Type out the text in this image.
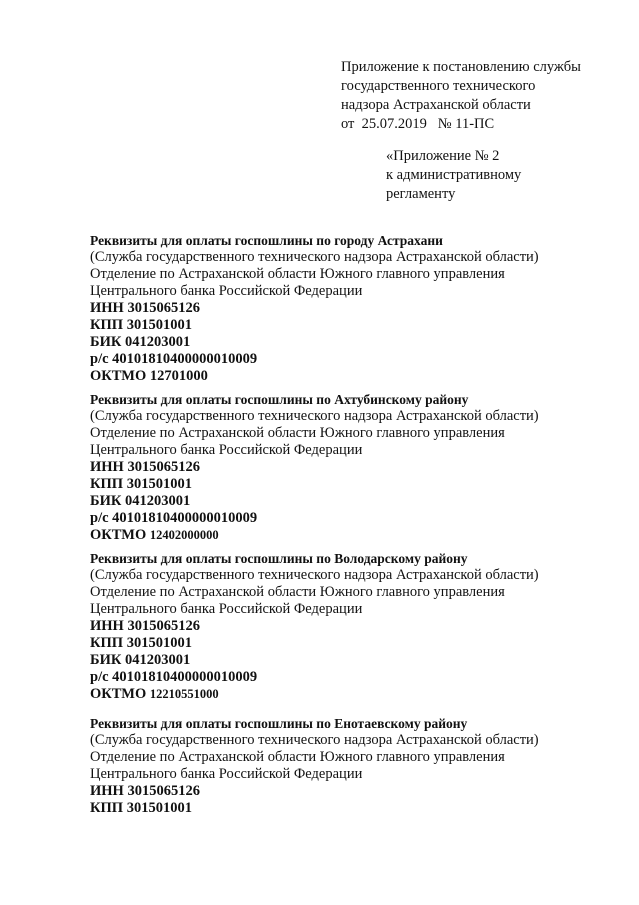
Приложение к постановлению службы
государственного технического
надзора Астраханской области
от  25.07.2019   № 11-ПС
«Приложение № 2
к административному
регламенту
Реквизиты для оплаты госпошлины по городу Астрахани
(Служба государственного технического надзора Астраханской области)
Отделение по Астраханской области Южного главного управления
Центрального банка Российской Федерации
ИНН 3015065126
КПП 301501001
БИК 041203001
р/с 40101810400000010009
ОКТМО 12701000
Реквизиты для оплаты госпошлины по Ахтубинскому району
(Служба государственного технического надзора Астраханской области)
Отделение по Астраханской области Южного главного управления
Центрального банка Российской Федерации
ИНН 3015065126
КПП 301501001
БИК 041203001
р/с 40101810400000010009
ОКТМО 12402000000
Реквизиты для оплаты госпошлины по Володарскому району
(Служба государственного технического надзора Астраханской области)
Отделение по Астраханской области Южного главного управления
Центрального банка Российской Федерации
ИНН 3015065126
КПП 301501001
БИК 041203001
р/с 40101810400000010009
ОКТМО 12210551000
Реквизиты для оплаты госпошлины по Енотаевскому району
(Служба государственного технического надзора Астраханской области)
Отделение по Астраханской области Южного главного управления
Центрального банка Российской Федерации
ИНН 3015065126
КПП 301501001
